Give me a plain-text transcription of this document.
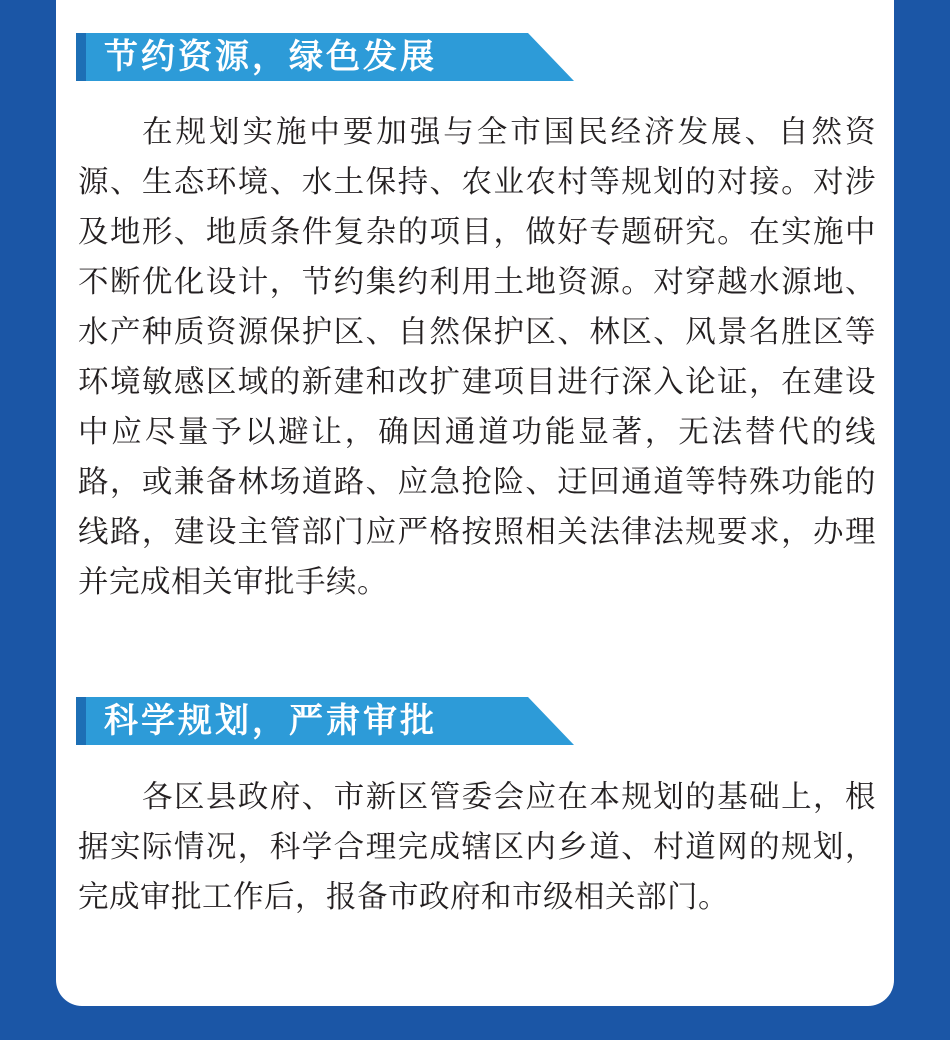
节约资源，绿色发展

在规划实施中要加强与全市国民经济发展、自然资源、生态环境、水土保持、农业农村等规划的对接。对涉及地形、地质条件复杂的项目，做好专题研究。在实施中不断优化设计，节约集约利用土地资源。对穿越水源地、水产种质资源保护区、自然保护区、林区、风景名胜区等环境敏感区域的新建和改扩建项目进行深入论证，在建设中应尽量予以避让，确因通道功能显著，无法替代的线路，或兼备林场道路、应急抢险、迂回通道等特殊功能的线路，建设主管部门应严格按照相关法律法规要求，办理并完成相关审批手续。

科学规划，严肃审批

各区县政府、市新区管委会应在本规划的基础上，根据实际情况，科学合理完成辖区内乡道、村道网的规划，完成审批工作后，报备市政府和市级相关部门。
